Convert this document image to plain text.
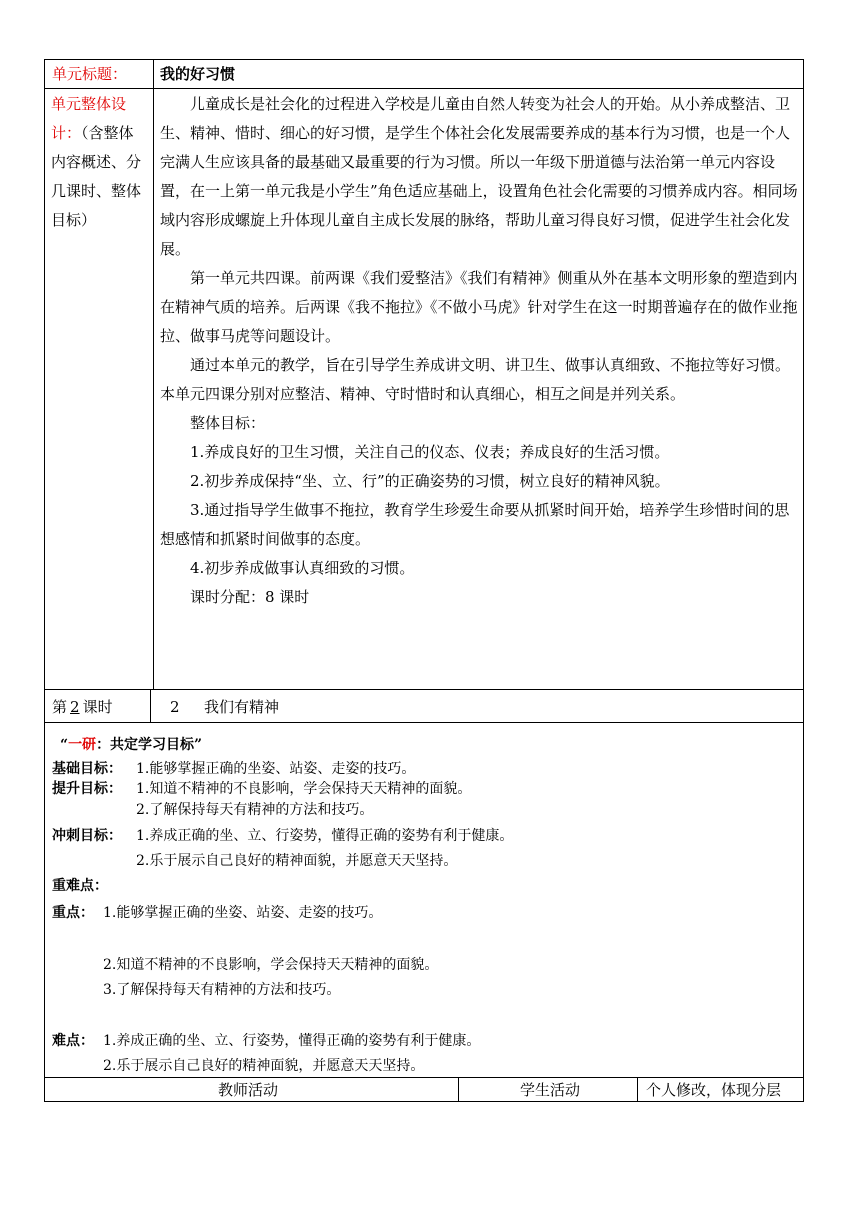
单元标题： 我的好习惯
单元整体设计：（含整体内容概述、分几课时、整体目标）

儿童成长是社会化的过程进入学校是儿童由自然人转变为社会人的开始。从小养成整洁、卫生、精神、惜时、细心的好习惯，是学生个体社会化发展需要养成的基本行为习惯，也是一个人完满人生应该具备的最基础又最重要的行为习惯。所以一年级下册道德与法治第一单元内容设置，在一上第一单元我是小学生”角色适应基础上，设置角色社会化需要的习惯养成内容。相同场域内容形成螺旋上升体现儿童自主成长发展的脉络，帮助儿童习得良好习惯，促进学生社会化发展。

第一单元共四课。前两课《我们爱整洁》《我们有精神》侧重从外在基本文明形象的塑造到内在精神气质的培养。后两课《我不拖拉》《不做小马虎》针对学生在这一时期普遍存在的做作业拖拉、做事马虎等问题设计。

通过本单元的教学，旨在引导学生养成讲文明、讲卫生、做事认真细致、不拖拉等好习惯。本单元四课分别对应整洁、精神、守时惜时和认真细心，相互之间是并列关系。

整体目标：

1.养成良好的卫生习惯，关注自己的仪态、仪表；养成良好的生活习惯。

2.初步养成保持“坐、立、行”的正确姿势的习惯，树立良好的精神风貌。

3.通过指导学生做事不拖拉，教育学生珍爱生命要从抓紧时间开始，培养学生珍惜时间的思想感情和抓紧时间做事的态度。

4.初步养成做事认真细致的习惯。

课时分配：8 课时

第 2 课时	2 我们有精神
“一研：共定学习目标”
基础目标： 1.能够掌握正确的坐姿、站姿、走姿的技巧。
提升目标： 1.知道不精神的不良影响，学会保持天天精神的面貌。
2.了解保持每天有精神的方法和技巧。
冲刺目标： 1.养成正确的坐、立、行姿势，懂得正确的姿势有利于健康。
2.乐于展示自己良好的精神面貌，并愿意天天坚持。
重难点：
重点： 1.能够掌握正确的坐姿、站姿、走姿的技巧。
2.知道不精神的不良影响，学会保持天天精神的面貌。
3.了解保持每天有精神的方法和技巧。
难点： 1.养成正确的坐、立、行姿势，懂得正确的姿势有利于健康。
2.乐于展示自己良好的精神面貌，并愿意天天坚持。
教师活动	学生活动	个人修改，体现分层
